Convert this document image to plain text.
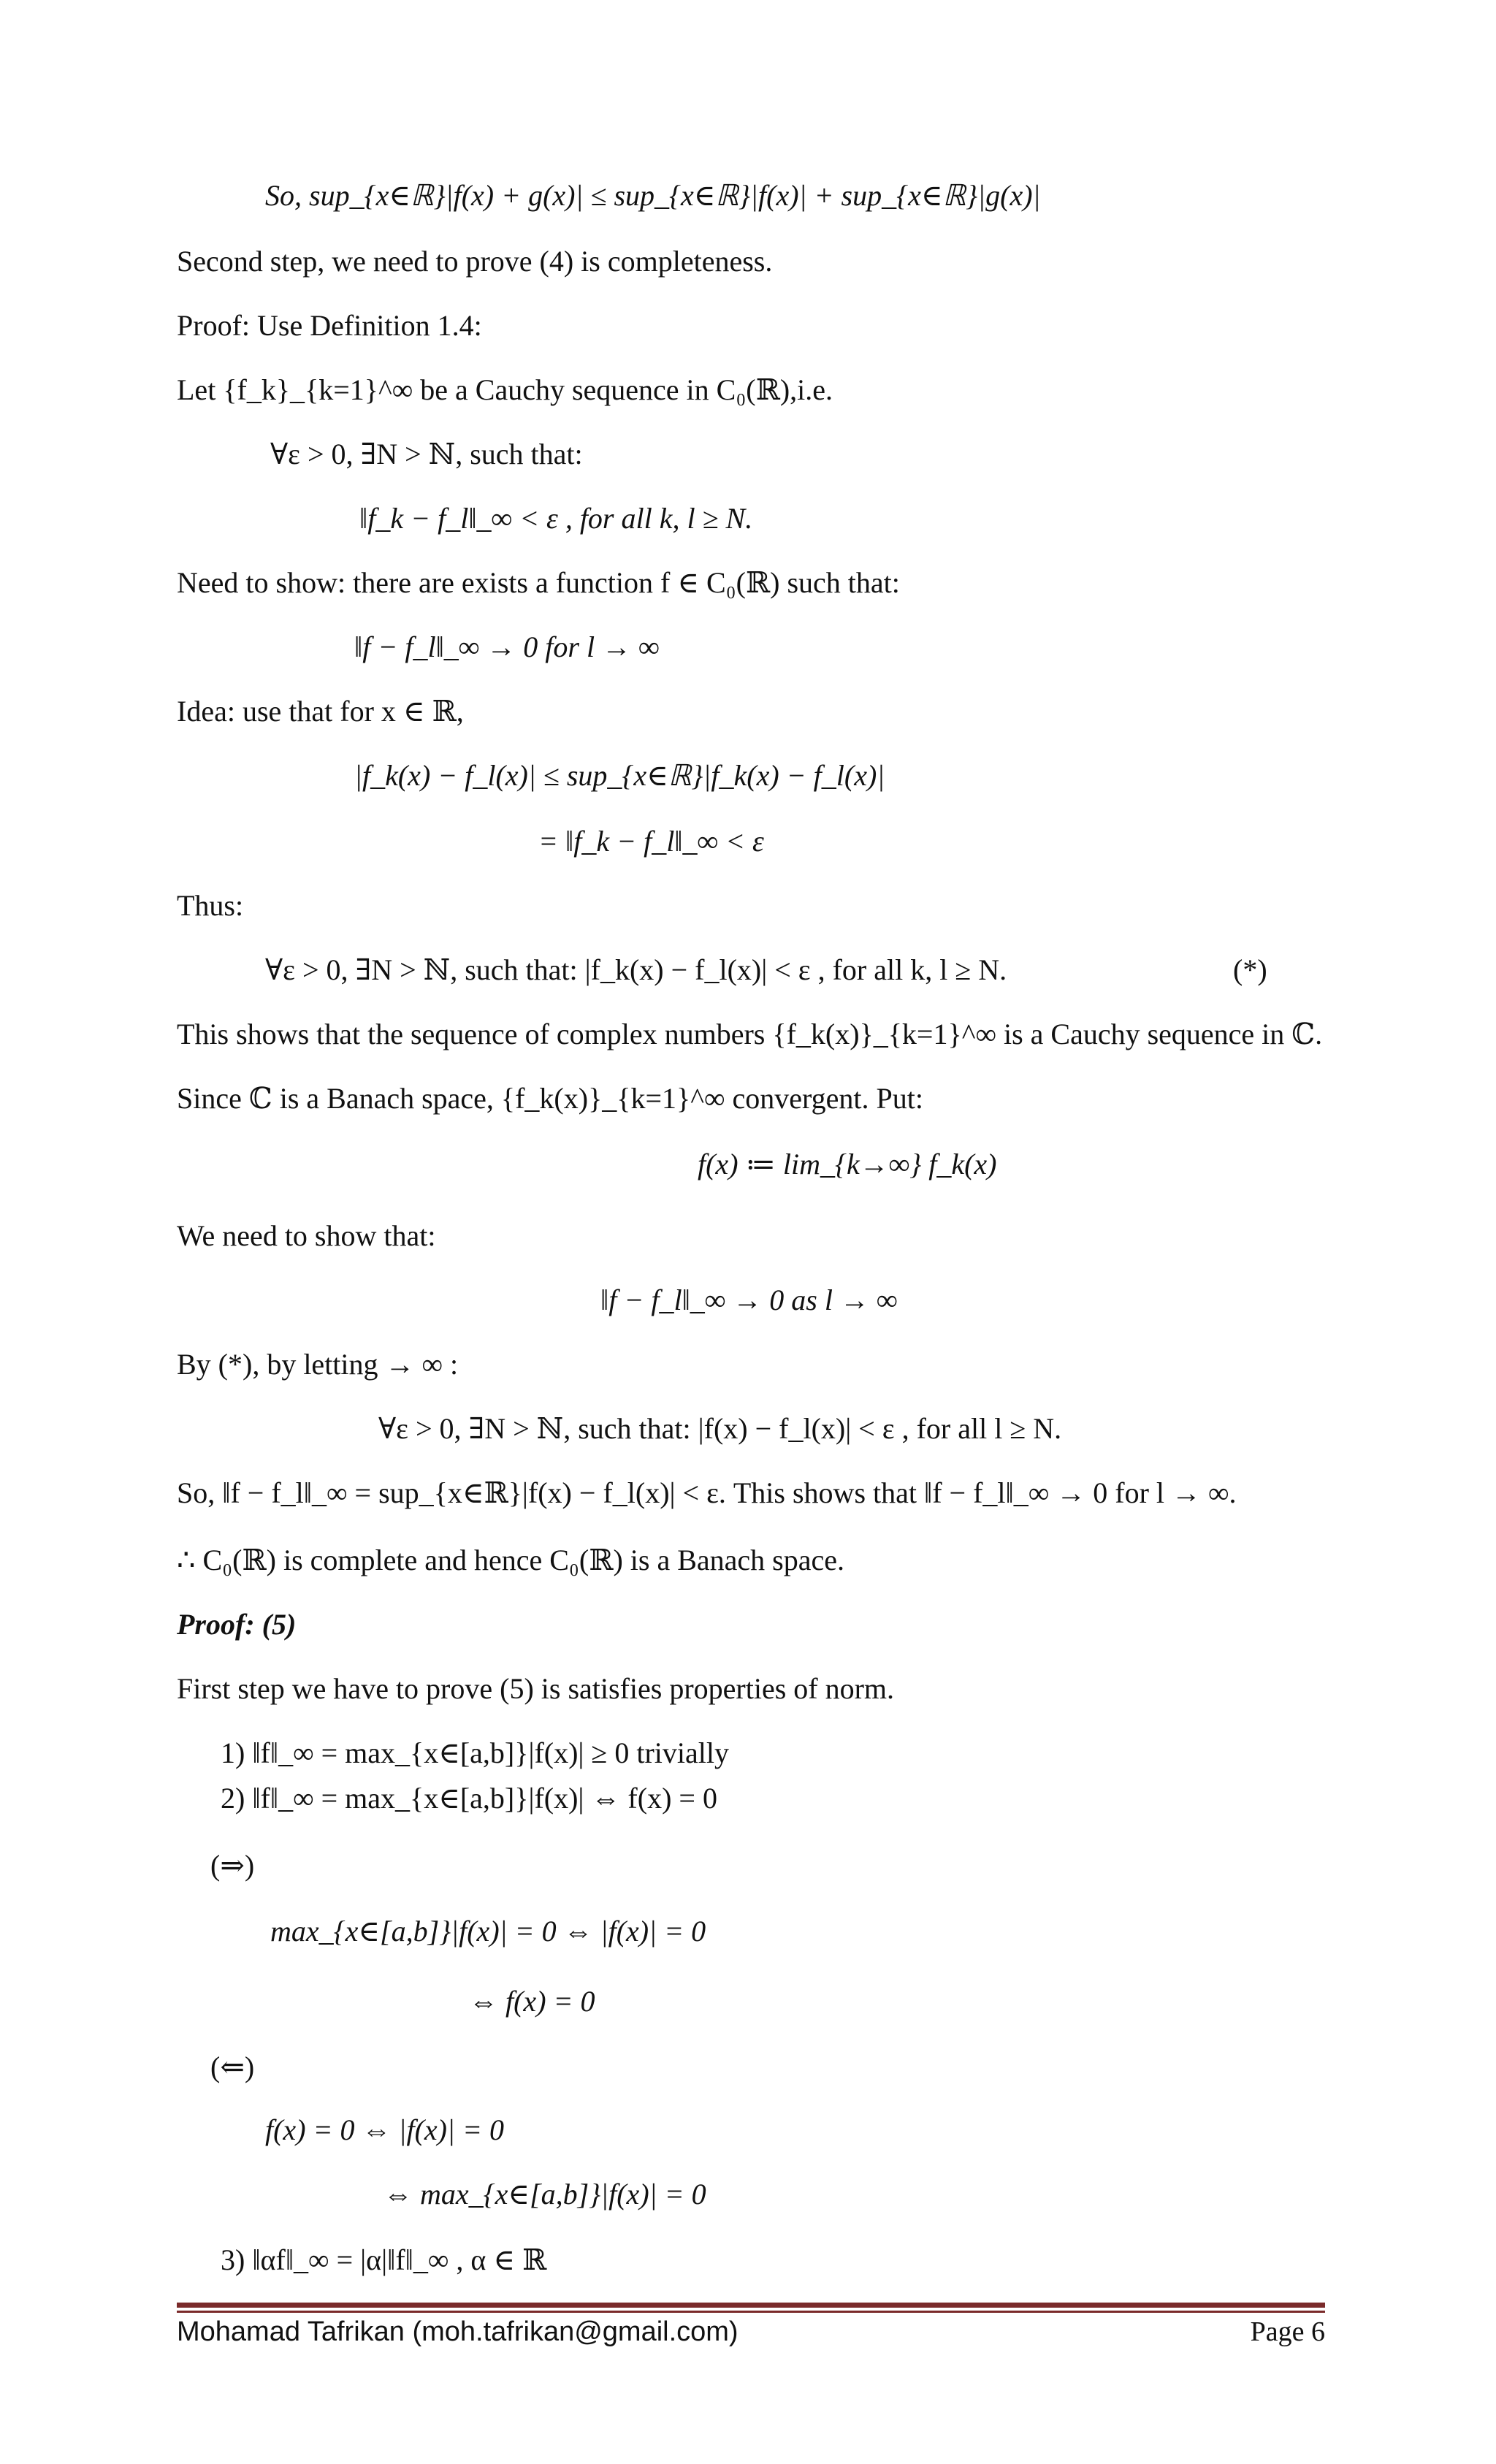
So, sup_{x∈ℝ}|f(x) + g(x)| ≤ sup_{x∈ℝ}|f(x)| + sup_{x∈ℝ}|g(x)|
Second step, we need to prove (4) is completeness.
Proof: Use Definition 1.4:
Let {f_k}_{k=1}^∞ be a Cauchy sequence in C₀(ℝ),i.e.
∀ε > 0, ∃N > ℕ, such that:
‖f_k − f_l‖_∞ < ε , for all k, l ≥ N.
Need to show: there are exists a function f ∈ C₀(ℝ) such that:
‖f − f_l‖_∞ → 0 for l → ∞
Idea: use that for x ∈ ℝ,
|f_k(x) − f_l(x)| ≤ sup_{x∈ℝ}|f_k(x) − f_l(x)|
= ‖f_k − f_l‖_∞ < ε
Thus:
∀ε > 0, ∃N > ℕ, such that: |f_k(x) − f_l(x)| < ε , for all k, l ≥ N.	(*)
This shows that the sequence of complex numbers {f_k(x)}_{k=1}^∞ is a Cauchy sequence in ℂ.
Since ℂ is a Banach space, {f_k(x)}_{k=1}^∞ convergent. Put:
f(x) ≔ lim_{k→∞} f_k(x)
We need to show that:
‖f − f_l‖_∞ → 0 as l → ∞
By (*), by letting → ∞ :
∀ε > 0, ∃N > ℕ, such that: |f(x) − f_l(x)| < ε , for all l ≥ N.
So, ‖f − f_l‖_∞ = sup_{x∈ℝ}|f(x) − f_l(x)| < ε. This shows that ‖f − f_l‖_∞ → 0 for l → ∞.
∴ C₀(ℝ) is complete and hence C₀(ℝ) is a Banach space.
Proof: (5)
First step we have to prove (5) is satisfies properties of norm.
1) ‖f‖_∞ = max_{x∈[a,b]}|f(x)| ≥ 0 trivially
2) ‖f‖_∞ = max_{x∈[a,b]}|f(x)| ⇔ f(x) = 0
(⇒)
max_{x∈[a,b]}|f(x)| = 0 ⇔ |f(x)| = 0
⇔ f(x) = 0
(⇐)
f(x) = 0 ⇔ |f(x)| = 0
⇔ max_{x∈[a,b]}|f(x)| = 0
3) ‖αf‖_∞ = |α|‖f‖_∞ , α ∈ ℝ
Mohamad Tafrikan (moh.tafrikan@gmail.com)	Page 6
